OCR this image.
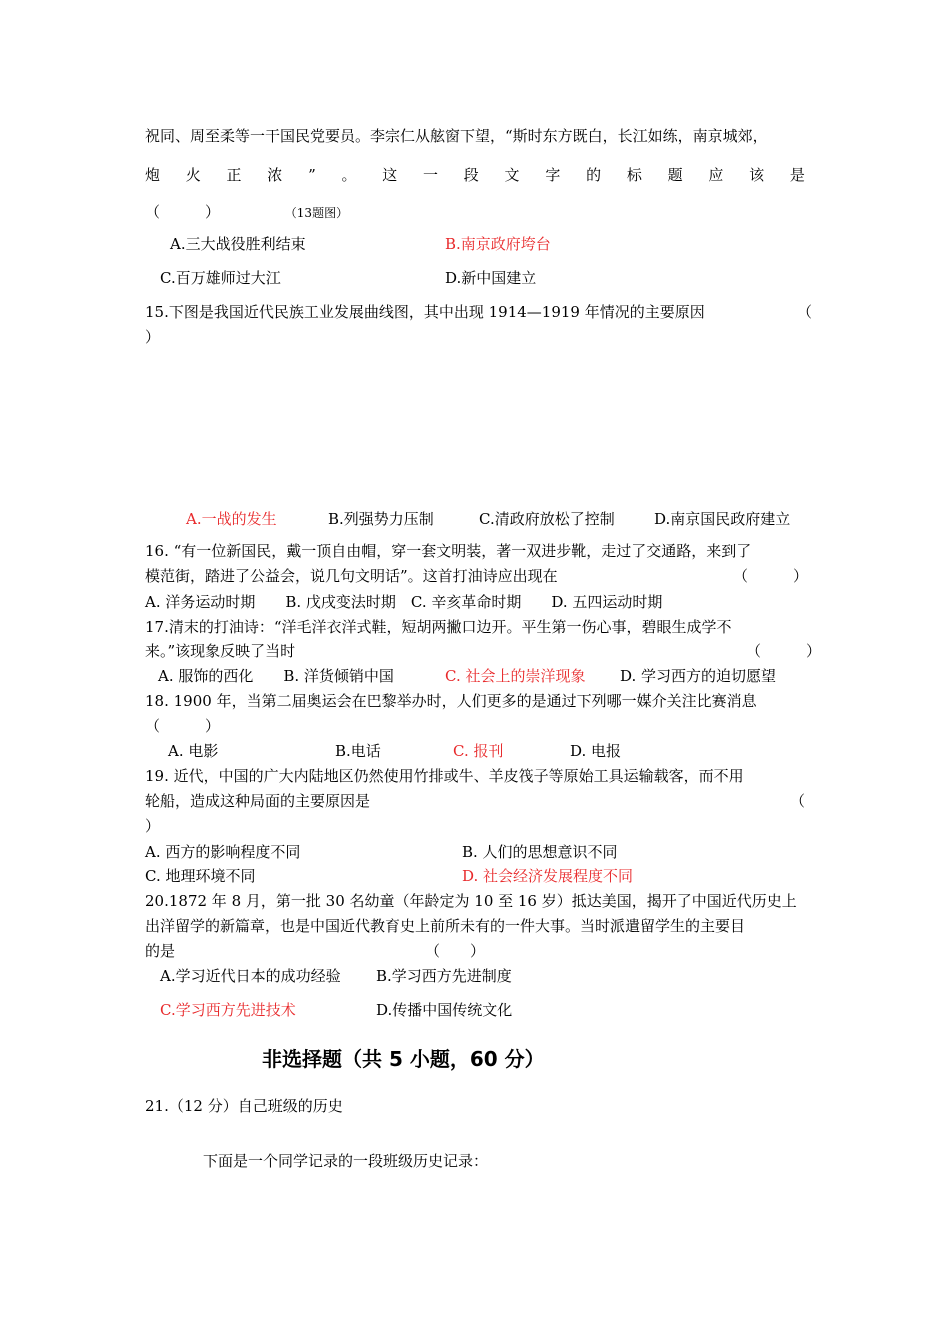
祝同、周至柔等一干国民党要员。李宗仁从舷窗下望，“斯时东方既白，长江如练，南京城郊，
炮 火 正 浓 ” 。 这 一 段 文 字 的 标 题 应 该 是
（　　　）	（13题图）
A.三大战役胜利结束	B.南京政府垮台
C.百万雄师过大江	D.新中国建立
15.下图是我国近代民族工业发展曲线图，其中出现 1914—1919 年情况的主要原因	（
）
A.一战的发生	B.列强势力压制	C.清政府放松了控制	D.南京国民政府建立
16. “有一位新国民，戴一顶自由帽，穿一套文明装，著一双进步靴，走过了交通路，来到了
模范街，踏进了公益会，说几句文明话”。这首打油诗应出现在	（　　　）
A. 洋务运动时期　　B. 戊戌变法时期　C. 辛亥革命时期　　D. 五四运动时期
17.清末的打油诗：“洋毛洋衣洋式鞋，短胡两撇口边开。平生第一伤心事，碧眼生成学不
来。”该现象反映了当时	（　　　）
A. 服饰的西化　　B. 洋货倾销中国	C. 社会上的崇洋现象 D. 学习西方的迫切愿望
18. 1900 年，当第二届奥运会在巴黎举办时，人们更多的是通过下列哪一媒介关注比赛消息
（　　　）
A. 电影	B.电话	C. 报刊	D. 电报
19. 近代，中国的广大内陆地区仍然使用竹排或牛、羊皮筏子等原始工具运输载客，而不用
轮船，造成这种局面的主要原因是	（
）
A. 西方的影响程度不同	B. 人们的思想意识不同
C. 地理环境不同	D. 社会经济发展程度不同
20.1872 年 8 月，第一批 30 名幼童（年龄定为 10 至 16 岁）抵达美国，揭开了中国近代历史上
出洋留学的新篇章，也是中国近代教育史上前所未有的一件大事。当时派遣留学生的主要目
的是	（　　）
A.学习近代日本的成功经验 B.学习西方先进制度
C.学习西方先进技术	D.传播中国传统文化
非选择题（共 5 小题，60 分）
21.（12 分）自己班级的历史
下面是一个同学记录的一段班级历史记录：
